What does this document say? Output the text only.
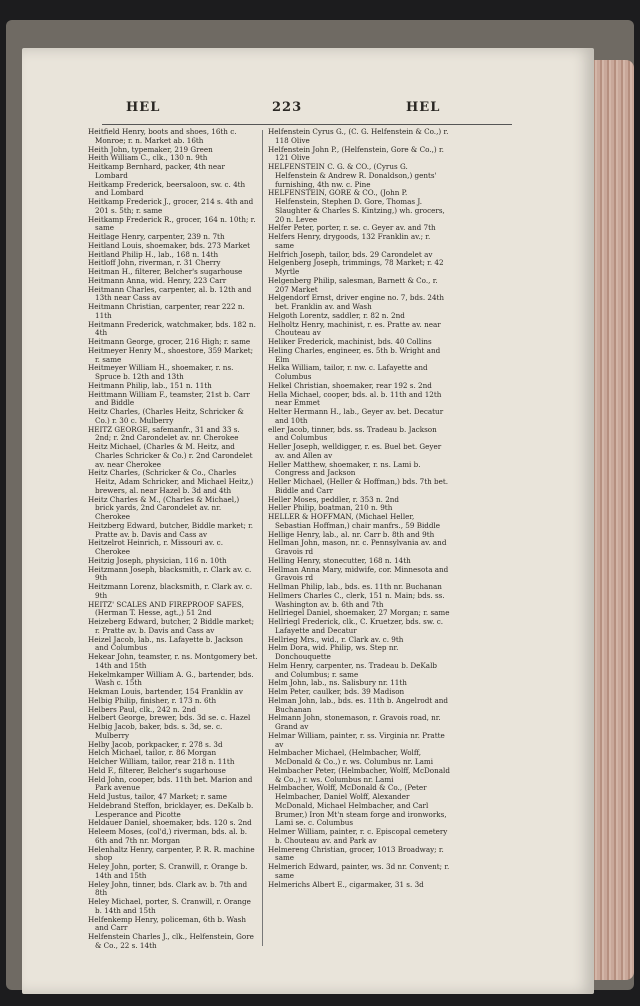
HEL	223	HEL
Heitfield Henry, boots and shoes, 16th c. Monroe; r. n. Market ab. 16th
Heith John, typemaker, 219 Green
Heith William C., clk., 130 n. 9th
Heitkamp Bernhard, packer, 4th near Lombard
Heitkamp Frederick, beersaloon, sw. c. 4th and Lombard
Heitkamp Frederick J., grocer, 214 s. 4th and 201 s. 5th; r. same
Heitkamp Frederick R., grocer, 164 n. 10th; r. same
Heitlage Henry, carpenter, 239 n. 7th
Heitland Louis, shoemaker, bds. 273 Market
Heitland Philip H., lab., 168 n. 14th
Heitloff John, riverman, r. 31 Cherry
Heitman H., filterer, Belcher's sugarhouse
Heitmann Anna, wid. Henry, 223 Carr
Heitmann Charles, carpenter, al. b. 12th and 13th near Cass av
Heitmann Christian, carpenter, rear 222 n. 11th
Heitmann Frederick, watchmaker, bds. 182 n. 4th
Heitmann George, grocer, 216 High; r. same
Heitmeyer Henry M., shoestore, 359 Market; r. same
Heitmeyer William H., shoemaker, r. ns. Spruce b. 12th and 13th
Heitmann Philip, lab., 151 n. 11th
Heittmann William F., teamster, 21st b. Carr and Biddle
Heitz Charles, (Charles Heitz, Schricker & Co.) r. 30 c. Mulberry
HEITZ GEORGE, safemanfr., 31 and 33 s. 2nd; r. 2nd Carondelet av. nr. Cherokee
Heitz Michael, (Charles & M. Heitz, and Charles Schricker & Co.) r. 2nd Carondelet av. near Cherokee
Heitz Charles, (Schricker & Co., Charles Heitz, Adam Schricker, and Michael Heitz,) brewers, al. near Hazel b. 3d and 4th
Heitz Charles & M., (Charles & Michael,) brick yards, 2nd Carondelet av. nr. Cherokee
Heitzberg Edward, butcher, Biddle market; r. Pratte av. b. Davis and Cass av
Heitzelrot Heinrich, r. Missouri av. c. Cherokee
Heitzig Joseph, physician, 116 n. 10th
Heitzmann Joseph, blacksmith, r. Clark av. c. 9th
Heitzmann Lorenz, blacksmith, r. Clark av. c. 9th
HEITZ' SCALES AND FIREPROOF SAFES, (Herman T. Hesse, agt.,) 51 2nd
Heizeberg Edward, butcher, 2 Biddle market; r. Pratte av. b. Davis and Cass av
Heizel Jacob, lab., ns. Lafayette b. Jackson and Columbus
Hekear John, teamster, r. ns. Montgomery bet. 14th and 15th
Hekelmkamper William A. G., bartender, bds. Wash c. 15th
Hekman Louis, bartender, 154 Franklin av
Helbig Philip, finisher, r. 173 n. 6th
Helbers Paul, clk., 242 n. 2nd
Helbert George, brewer, bds. 3d se. c. Hazel
Helbig Jacob, baker, bds. s. 3d, se. c. Mulberry
Helby Jacob, porkpacker, r. 278 s. 3d
Helch Michael, tailor, r. 86 Morgan
Helcher William, tailor, rear 218 n. 11th
Held F., filterer, Belcher's sugarhouse
Held John, cooper, bds. 11th bet. Marion and Park avenue
Held Justus, tailor, 47 Market; r. same
Heldebrand Steffon, bricklayer, es. DeKalb b. Lesperance and Picotte
Heldauer Daniel, shoemaker, bds. 120 s. 2nd
Heleem Moses, (col'd,) riverman, bds. al. b. 6th and 7th nr. Morgan
Helenhaltz Henry, carpenter, P. R. R. machine shop
Heley John, porter, S. Cranwill, r. Orange b. 14th and 15th
Heley John, tinner, bds. Clark av. b. 7th and 8th
Heley Michael, porter, S. Cranwill, r. Orange b. 14th and 15th
Helfenkemp Henry, policeman, 6th b. Wash and Carr
Helfenstein Charles J., clk., Helfenstein, Gore & Co., 22 s. 14th
Helfenstein Cyrus G., (C. G. Helfenstein & Co.,) r. 118 Olive
Helfenstein John P., (Helfenstein, Gore & Co.,) r. 121 Olive
HELFENSTEIN C. G. & CO., (Cyrus G. Helfenstein & Andrew R. Donaldson,) gents' furnishing, 4th nw. c. Pine
HELFENSTEIN, GORE & CO., (John P. Helfenstein, Stephen D. Gore, Thomas J. Slaughter & Charles S. Kintzing,) wh. grocers, 20 n. Levee
Helfer Peter, porter, r. se. c. Geyer av. and 7th
Helfers Henry, drygoods, 132 Franklin av.; r. same
Helfrich Joseph, tailor, bds. 29 Carondelet av
Helgenberg Joseph, trimmings, 78 Market; r. 42 Myrtle
Helgenberg Philip, salesman, Barnett & Co., r. 207 Market
Helgendorf Ernst, driver engine no. 7, bds. 24th bet. Franklin av. and Wash
Helgoth Lorentz, saddler, r. 82 n. 2nd
Helholtz Henry, machinist, r. es. Pratte av. near Chouteau av
Heliker Frederick, machinist, bds. 40 Collins
Heling Charles, engineer, es. 5th b. Wright and Elm
Helka William, tailor, r. nw. c. Lafayette and Columbus
Helkel Christian, shoemaker, rear 192 s. 2nd
Hella Michael, cooper, bds. al. b. 11th and 12th near Emmet
Helter Hermann H., lab., Geyer av. bet. Decatur and 10th
eller Jacob, tinner, bds. ss. Tradeau b. Jackson and Columbus
Heller Joseph, welldigger, r. es. Buel bet. Geyer av. and Allen av
Heller Matthew, shoemaker, r. ns. Lami b. Congress and Jackson
Heller Michael, (Heller & Hoffman,) bds. 7th bet. Biddle and Carr
Heller Moses, peddler, r. 353 n. 2nd
Heller Philip, boatman, 210 n. 9th
HELLER & HOFFMAN, (Michael Heller, Sebastian Hoffman,) chair manfrs., 59 Biddle
Hellige Henry, lab., al. nr. Carr b. 8th and 9th
Hellman John, mason, nr. c. Pennsylvania av. and Gravois rd
Helling Henry, stonecutter, 168 n. 14th
Hellman Anna Mary, midwife, cor. Minnesota and Gravois rd
Hellman Philip, lab., bds. es. 11th nr. Buchanan
Hellmers Charles C., clerk, 151 n. Main; bds. ss. Washington av. b. 6th and 7th
Hellriegel Daniel, shoemaker, 27 Morgan; r. same
Hellriegl Frederick, clk., C. Kruetzer, bds. sw. c. Lafayette and Decatur
Hellrieg Mrs., wid., r. Clark av. c. 9th
Helm Dora, wid. Philip, ws. Step nr. Donchouquette
Helm Henry, carpenter, ns. Tradeau b. DeKalb and Columbus; r. same
Helm John, lab., ns. Salisbury nr. 11th
Helm Peter, caulker, bds. 39 Madison
Helman John, lab., bds. es. 11th b. Angelrodt and Buchanan
Helmann John, stonemason, r. Gravois road, nr. Grand av
Helmar William, painter, r. ss. Virginia nr. Pratte av
Helmbacher Michael, (Helmbacher, Wolff, McDonald & Co.,) r. ws. Columbus nr. Lami
Helmbacher Peter, (Helmbacher, Wolff, McDonald & Co.,) r. ws. Columbus nr. Lami
Helmbacher, Wolff, McDonald & Co., (Peter Helmbacher, Daniel Wolff, Alexander McDonald, Michael Helmbacher, and Carl Brumer,) Iron Mt'n steam forge and ironworks, Lami se. c. Columbus
Helmer William, painter, r. c. Episcopal cemetery b. Chouteau av. and Park av
Helmereng Christian, grocer, 1013 Broadway; r. same
Helmerich Edward, painter, ws. 3d nr. Convent; r. same
Helmerichs Albert E., cigarmaker, 31 s. 3d
